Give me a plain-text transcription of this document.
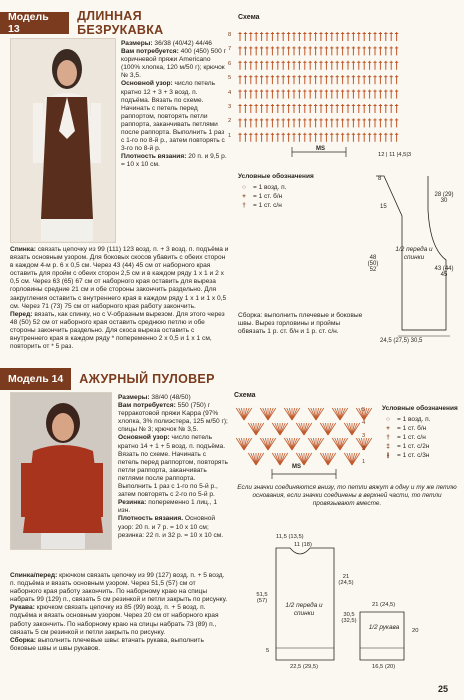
Модель 13
ДЛИННАЯ БЕЗРУКАВКА
Размеры: 36/38 (40/42) 44/46
Вам потребуется: 400 (450) 500 г коричневой пряжи Americano (100% хлопка, 120 м/50 г); крючок № 3,5.
Основной узор: число петель кратно 12 + 3 + 3 возд. п. подъёма. Вязать по схеме. Начинать с петель перед раппортом, повторять петли раппорта, заканчивать петлями после раппорта. Выполнить 1 раз с 1-го по 8-й р., затем повторять с 3-го по 8-й р.
Плотность вязания: 20 п. и 9,5 р. = 10 х 10 см.
Спинка: связать цепочку из 99 (111) 123 возд. п. + 3 возд. п. подъёма и вязать основным узором. Для боковых скосов убавить с обеих сторон в каждом 4-м р. 6 х 0,5 см. Через 43 (44) 45 см от наборного края оставить для пройм с обеих сторон 2,5 см и в каждом ряду 1 х 1 и 2 х 0,5 см. Через 63 (65) 67 см от наборного края оставить для выреза горловины средние 21 см и обе стороны закончить раздельно. Для закругления оставить с внутреннего края в каждом ряду 1 х 1 и 1 х 0,5 см. Через 71 (73) 75 см от наборного края работу закончить.
Перед: вязать, как спинку, но с V-образным вырезом. Для этого через 48 (50) 52 см от наборного края оставить среднюю петлю и обе стороны закончить раздельно. Для скоса выреза оставить с внутреннего края в каждом ряду * попеременно 2 х 0,5 и 1 х 1 см, повторить от * 5 раз.
Схема
MS
12 | 11 |4,5|3
8
7
6
5
4
3
2
1
Условные обозначения
○	= 1 возд. п.
+	= 1 ст. б/н
†	= 1 ст. с/н
8
15
28 (29) 30
48 (50) 52	43 (44) 45
1/2 переда и спинки
24,5 (27,5) 30,5
Сборка: выполнить плечевые и боковые швы. Вырез горловины и проймы обвязать 1 р. ст. б/н и 1 р. ст. с/н.
Модель 14	АЖУРНЫЙ ПУЛОВЕР
Размеры: 38/40 (48/50)
Вам потребуется: 550 (750) г терракотовой пряжи Kappa (97% хлопка, 3% полиэстера, 125 м/50 г); спицы № 3; крючок № 3,5.
Основной узор: число петель кратно 14 + 1 + 5 возд. п. подъёма. Вязать по схеме. Начинать с петель перед раппортом, повторять петли раппорта, заканчивать петлями после раппорта. Выполнить 1 раз с 1-го по 5-й р., затем повторять с 2-го по 5-й р.
Резинка: попеременно 1 лиц., 1 изн.
Плотность вязания. Основной узор: 20 п. и 7 р. = 10 х 10 см; резинка: 22 п. и 32 р. = 10 х 10 см.
Спинка/перед: крючком связать цепочку из 99 (127) возд. п. + 5 возд. п. подъёма и вязать основным узором. Через 51,5 (57) см от наборного края работу закончить. По наборному краю на спицы набрать 99 (129) п., связать 5 см резинкой и петли закрыть по рисунку.
Рукава: крючком связать цепочку из 85 (99) возд. п. + 5 возд. п. подъёма и вязать основным узором. Через 20 см от наборного края работу закончить. По наборному краю на спицы набрать 73 (89) п., связать 5 см резинкой и петли закрыть по рисунку.
Сборка: выполнить плечевые швы: втачать рукава, выполнить боковые швы и швы рукавов.
Схема
MS
5
4
3
2
1
Условные обозначения
○	= 1 возд. п.
+	= 1 ст. б/н
†	= 1 ст. с/н
‡	= 1 ст. с/2н
⫲	= 1 ст. с/3н
Если значки соединяются внизу, то петли вяжут в одну и ту же петлю основания, если значки соединены в верхней части, то петли провязывают вместе.
11,5 (13,5)
11 (18)
21 (24,5)
51,5 (57)
30,5 (32,5)
1/2 переда и спинки
21 (24,5)
1/2 рукава	20
5
22,5 (29,5)	16,5 (20)
25
